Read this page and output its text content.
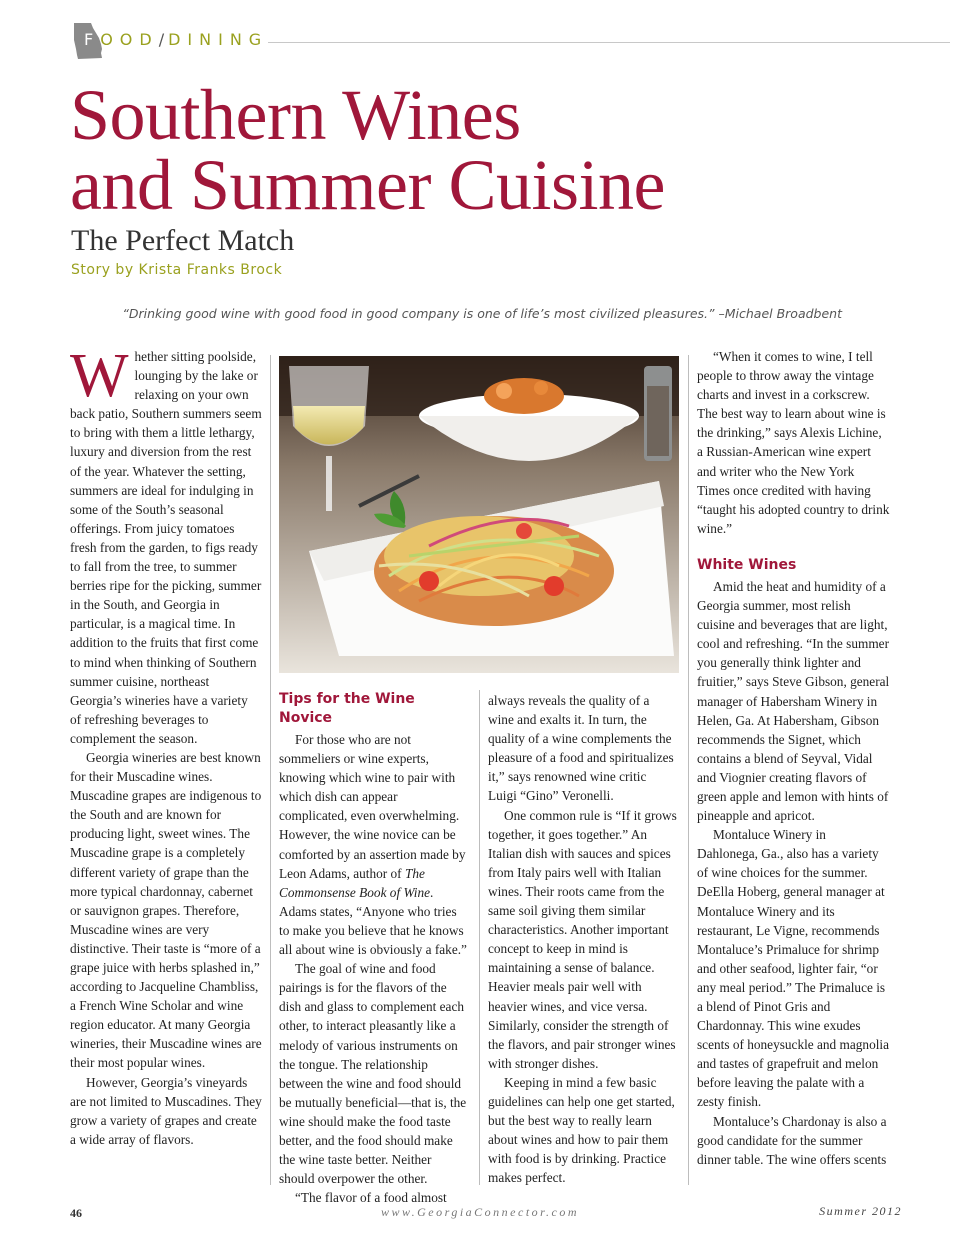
FOOD/DINING
Southern Wines
and Summer Cuisine
The Perfect Match
Story by Krista Franks Brock
“Drinking good wine with good food in good company is one of life’s most civilized pleasures.” –Michael Broadbent

Whether sitting poolside, lounging by the lake or relaxing on your own back patio, Southern summers seem to bring with them a little lethargy, luxury and diversion from the rest of the year. Whatever the setting, summers are ideal for indulging in some of the South’s seasonal offerings. From juicy tomatoes fresh from the garden, to figs ready to fall from the tree, to summer berries ripe for the picking, summer in the South, and Georgia in particular, is a magical time. In addition to the fruits that first come to mind when thinking of Southern summer cuisine, northeast Georgia’s wineries have a variety of refreshing beverages to complement the season.

Georgia wineries are best known for their Muscadine wines. Muscadine grapes are indigenous to the South and are known for producing light, sweet wines. The Muscadine grape is a completely different variety of grape than the more typical chardonnay, cabernet or sauvignon grapes. Therefore, Muscadine wines are very distinctive. Their taste is “more of a grape juice with herbs splashed in,” according to Jacqueline Chambliss, a French Wine Scholar and wine region educator. At many Georgia wineries, their Muscadine wines are their most popular wines.

However, Georgia’s vineyards are not limited to Muscadines. They grow a variety of grapes and create a wide array of flavors.

Tips for the Wine Novice

For those who are not sommeliers or wine experts, knowing which wine to pair with which dish can appear complicated, even overwhelming. However, the wine novice can be comforted by an assertion made by Leon Adams, author of The Commonsense Book of Wine. Adams states, “Anyone who tries to make you believe that he knows all about wine is obviously a fake.”

The goal of wine and food pairings is for the flavors of the dish and glass to complement each other, to interact pleasantly like a melody of various instruments on the tongue. The relationship between the wine and food should be mutually beneficial—that is, the wine should make the food taste better, and the food should make the wine taste better. Neither should overpower the other.

“The flavor of a food almost

always reveals the quality of a wine and exalts it. In turn, the quality of a wine complements the pleasure of a food and spiritualizes it,” says renowned wine critic Luigi “Gino” Veronelli.

One common rule is “If it grows together, it goes together.” An Italian dish with sauces and spices from Italy pairs well with Italian wines. Their roots came from the same soil giving them similar characteristics. Another important concept to keep in mind is maintaining a sense of balance. Heavier meals pair well with heavier wines, and vice versa. Similarly, consider the strength of the flavors, and pair stronger wines with stronger dishes.

Keeping in mind a few basic guidelines can help one get started, but the best way to really learn about wines and how to pair them with food is by drinking. Practice makes perfect.

“When it comes to wine, I tell people to throw away the vintage charts and invest in a corkscrew. The best way to learn about wine is the drinking,” says Alexis Lichine, a Russian-American wine expert and writer who the New York Times once credited with having “taught his adopted country to drink wine.”

White Wines

Amid the heat and humidity of a Georgia summer, most relish cuisine and beverages that are light, cool and refreshing. “In the summer you generally think lighter and fruitier,” says Steve Gibson, general manager of Habersham Winery in Helen, Ga. At Habersham, Gibson recommends the Signet, which contains a blend of Seyval, Vidal and Viognier creating flavors of green apple and lemon with hints of pineapple and apricot.

Montaluce Winery in Dahlonega, Ga., also has a variety of wine choices for the summer. DeElla Hoberg, general manager at Montaluce Winery and its restaurant, Le Vigne, recommends Montaluce’s Primaluce for shrimp and other seafood, lighter fair, “or any meal period.” The Primaluce is a blend of Pinot Gris and Chardonnay. This wine exudes scents of honeysuckle and magnolia and tastes of grapefruit and melon before leaving the palate with a zesty finish.

Montaluce’s Chardonay is also a good candidate for the summer dinner table. The wine offers scents

46	www.GeorgiaConnector.com	Summer 2012
